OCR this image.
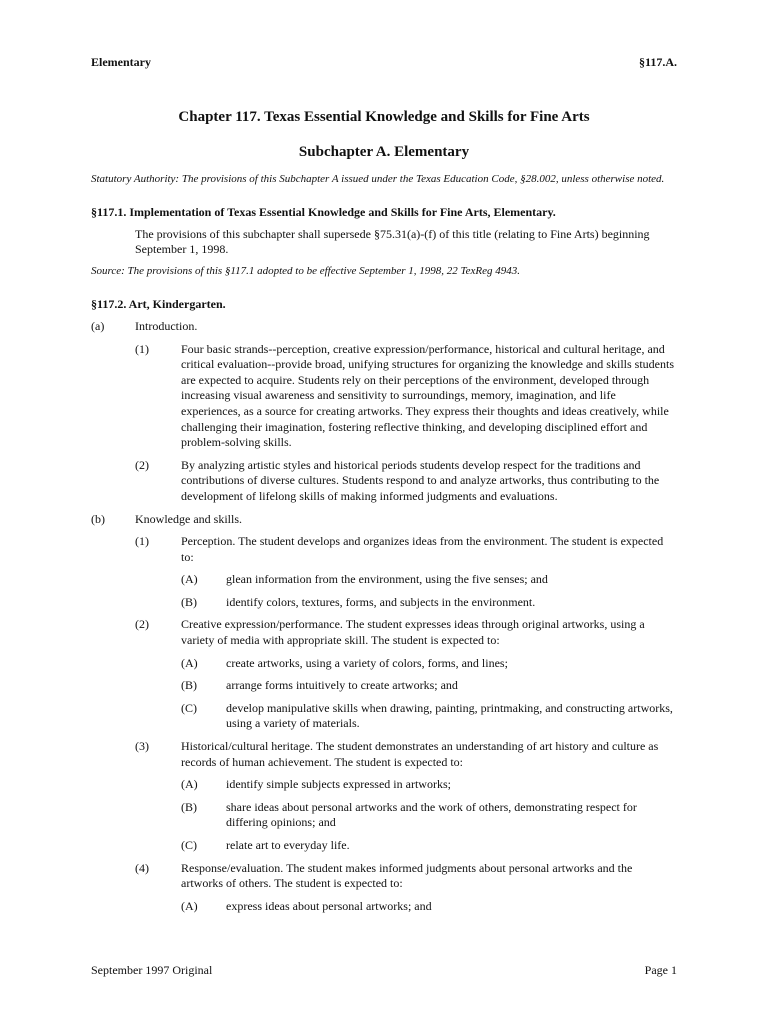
Elementary	§117.A.
Chapter 117. Texas Essential Knowledge and Skills for Fine Arts
Subchapter A. Elementary
Statutory Authority: The provisions of this Subchapter A issued under the Texas Education Code, §28.002, unless otherwise noted.
§117.1. Implementation of Texas Essential Knowledge and Skills for Fine Arts, Elementary.
The provisions of this subchapter shall supersede §75.31(a)-(f) of this title (relating to Fine Arts) beginning September 1, 1998.
Source: The provisions of this §117.1 adopted to be effective September 1, 1998, 22 TexReg 4943.
§117.2. Art, Kindergarten.
(a)	Introduction.
(1)	Four basic strands--perception, creative expression/performance, historical and cultural heritage, and critical evaluation--provide broad, unifying structures for organizing the knowledge and skills students are expected to acquire. Students rely on their perceptions of the environment, developed through increasing visual awareness and sensitivity to surroundings, memory, imagination, and life experiences, as a source for creating artworks. They express their thoughts and ideas creatively, while challenging their imagination, fostering reflective thinking, and developing disciplined effort and problem-solving skills.
(2)	By analyzing artistic styles and historical periods students develop respect for the traditions and contributions of diverse cultures. Students respond to and analyze artworks, thus contributing to the development of lifelong skills of making informed judgments and evaluations.
(b)	Knowledge and skills.
(1)	Perception. The student develops and organizes ideas from the environment. The student is expected to:
(A)	glean information from the environment, using the five senses; and
(B)	identify colors, textures, forms, and subjects in the environment.
(2)	Creative expression/performance. The student expresses ideas through original artworks, using a variety of media with appropriate skill. The student is expected to:
(A)	create artworks, using a variety of colors, forms, and lines;
(B)	arrange forms intuitively to create artworks; and
(C)	develop manipulative skills when drawing, painting, printmaking, and constructing artworks, using a variety of materials.
(3)	Historical/cultural heritage. The student demonstrates an understanding of art history and culture as records of human achievement. The student is expected to:
(A)	identify simple subjects expressed in artworks;
(B)	share ideas about personal artworks and the work of others, demonstrating respect for differing opinions; and
(C)	relate art to everyday life.
(4)	Response/evaluation. The student makes informed judgments about personal artworks and the artworks of others. The student is expected to:
(A)	express ideas about personal artworks; and
September 1997 Original	Page 1
